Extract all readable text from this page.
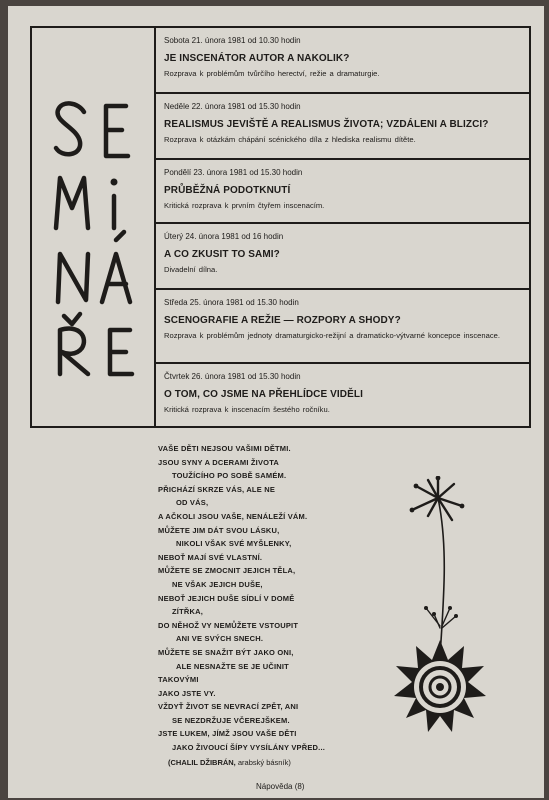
Sobota 21. února 1981 od 10.30 hodin
JE INSCENÁTOR AUTOR A NAKOLIK?
Rozprava k problémům tvůrčího herectví, režie a dramaturgie.
Neděle 22. února 1981 od 15.30 hodin
REALISMUS JEVIŠTĚ A REALISMUS ŽIVOTA; VZDÁLENI A BLIZCI?
Rozprava k otázkám chápání scénického díla z hlediska realismu dítěte.
Pondělí 23. února 1981 od 15.30 hodin
PRŮBĚŽNÁ PODOTKNUTÍ
Kritická rozprava k prvním čtyřem inscenacím.
Úterý 24. února 1981 od 16 hodin
A CO ZKUSIT TO SAMI?
Divadelní dílna.
Středa 25. února 1981 od 15.30 hodin
SCENOGRAFIE A REŽIE — ROZPORY A SHODY?
Rozprava k problémům jednoty dramaturgicko-režijní a dramaticko-výtvarné koncepce inscenace.
Čtvrtek 26. února 1981 od 15.30 hodin
O TOM, CO JSME NA PŘEHLÍDCE VIDĚLI
Kritická rozprava k inscenacím šestého ročníku.
VAŠE DĚTI NEJSOU VAŠIMI DĚTMI.
JSOU SYNY A DCERAMI ŽIVOTA
TOUŽÍCÍHO PO SOBĚ SAMÉM.
PŘICHÁZÍ SKRZE VÁS, ALE NE
OD VÁS,
A AČKOLI JSOU VAŠE, NENÁLEŽÍ VÁM.
MŮŽETE JIM DÁT SVOU LÁSKU,
NIKOLI VŠAK SVÉ MYŠLENKY,
NEBOŤ MAJÍ SVÉ VLASTNÍ.
MŮŽETE SE ZMOCNIT JEJICH TĚLA,
NE VŠAK JEJICH DUŠE,
NEBOŤ JEJICH DUŠE SÍDLÍ V DOMĚ
ZÍTŘKA,
DO NĚHOŽ VY NEMŮŽETE VSTOUPIT
ANI VE SVÝCH SNECH.
MŮŽETE SE SNAŽIT BÝT JAKO ONI,
ALE NESNAŽTE SE JE UČINIT
TAKOVÝMI
JAKO JSTE VY.
VŽDYŤ ŽIVOT SE NEVRACÍ ZPĚT, ANI
SE NEZDRŽUJE VČEREJŠKEM.
JSTE LUKEM, JÍMŽ JSOU VAŠE DĚTI
JAKO ŽIVOUCÍ ŠÍPY VYSÍLÁNY VPŘED...
(CHALIL DŽIBRÁN, arabský básník)
Nápověda (8)
